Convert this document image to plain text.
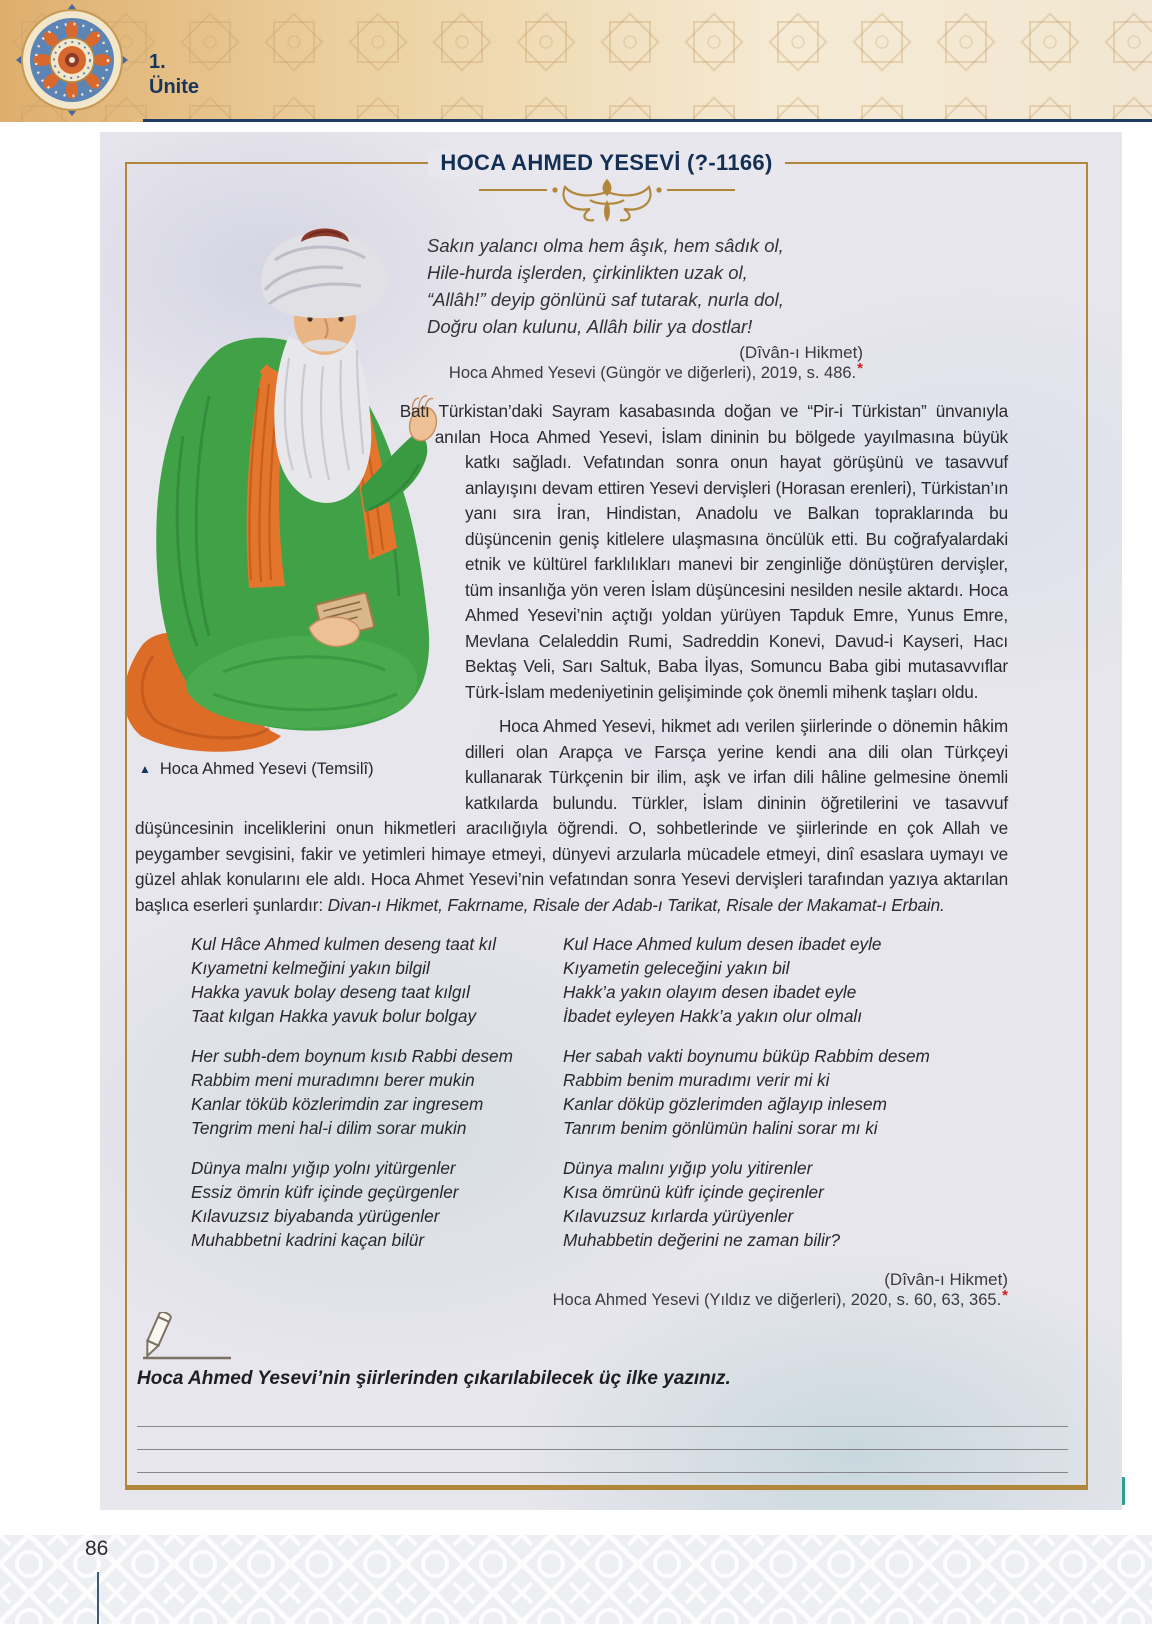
1.
Ünite
HOCA AHMED YESEVİ (?-1166)
▲ Hoca Ahmed Yesevi (Temsilî)
Sakın yalancı olma hem âşık, hem sâdık ol,
Hile-hurda işlerden, çirkinlikten uzak ol,
“Allâh!” deyip gönlünü saf tutarak, nurla dol,
Doğru olan kulunu, Allâh bilir ya dostlar!
(Dîvân-ı Hikmet)
Hoca Ahmed Yesevi (Güngör ve diğerleri), 2019, s. 486.*

Batı Türkistan’daki Sayram kasabasında doğan ve “Pir-i Türkistan” ünvanıyla anılan Hoca Ahmed Yesevi, İslam dininin bu bölgede yayılmasına büyük katkı sağladı. Vefatından sonra onun hayat görüşünü ve tasavvuf anlayışını devam ettiren Yesevi dervişleri (Horasan erenleri), Türkistan’ın yanı sıra İran, Hindistan, Anadolu ve Balkan topraklarında bu düşüncenin geniş kitlelere ulaşmasına öncülük etti. Bu coğrafyalardaki etnik ve kültürel farklılıkları manevi bir zenginliğe dönüştüren dervişler, tüm insanlığa yön veren İslam düşüncesini nesilden nesile aktardı. Hoca Ahmed Yesevi’nin açtığı yoldan yürüyen Tapduk Emre, Yunus Emre, Mevlana Celaleddin Rumi, Sadreddin Konevi, Davud-i Kayseri, Hacı Bektaş Veli, Sarı Saltuk, Baba İlyas, Somuncu Baba gibi mutasavvıflar Türk-İslam medeniyetinin gelişiminde çok önemli mihenk taşları oldu.

Hoca Ahmed Yesevi, hikmet adı verilen şiirlerinde o dönemin hâkim dilleri olan Arapça ve Farsça yerine kendi ana dili olan Türkçeyi kullanarak Türkçenin bir ilim, aşk ve irfan dili hâline gelmesine önemli katkılarda bulundu. Türkler, İslam dininin öğretilerini ve tasavvuf düşüncesinin inceliklerini onun hikmetleri aracılığıyla öğrendi. O, sohbetlerinde ve şiirlerinde en çok Allah ve peygamber sevgisini, fakir ve yetimleri himaye etmeyi, dünyevi arzularla mücadele etmeyi, dinî esaslara uymayı ve güzel ahlak konularını ele aldı. Hoca Ahmet Yesevi’nin vefatından sonra Yesevi dervişleri tarafından yazıya aktarılan başlıca eserleri şunlardır: Divan-ı Hikmet, Fakrname, Risale der Adab-ı Tarikat, Risale der Makamat-ı Erbain.

Kul Hâce Ahmed kulmen deseng taat kıl
Kıyametni kelmeğini yakın bilgil
Hakka yavuk bolay deseng taat kılgıl
Taat kılgan Hakka yavuk bolur bolgay
Her subh-dem boynum kısıb Rabbi desem
Rabbim meni muradımnı berer mukin
Kanlar töküb közlerimdin zar ingresem
Tengrim meni hal-i dilim sorar mukin
Dünya malnı yığıp yolnı yitürgenler
Essiz ömrin küfr içinde geçürgenler
Kılavuzsız biyabanda yürügenler
Muhabbetni kadrini kaçan bilür
Kul Hace Ahmed kulum desen ibadet eyle
Kıyametin geleceğini yakın bil
Hakk’a yakın olayım desen ibadet eyle
İbadet eyleyen Hakk’a yakın olur olmalı
Her sabah vakti boynumu büküp Rabbim desem
Rabbim benim muradımı verir mi ki
Kanlar döküp gözlerimden ağlayıp inlesem
Tanrım benim gönlümün halini sorar mı ki
Dünya malını yığıp yolu yitirenler
Kısa ömrünü küfr içinde geçirenler
Kılavuzsuz kırlarda yürüyenler
Muhabbetin değerini ne zaman bilir?
(Dîvân-ı Hikmet)
Hoca Ahmed Yesevi (Yıldız ve diğerleri), 2020, s. 60, 63, 365.*
Hoca Ahmed Yesevi’nin şiirlerinden çıkarılabilecek üç ilke yazınız.
86
